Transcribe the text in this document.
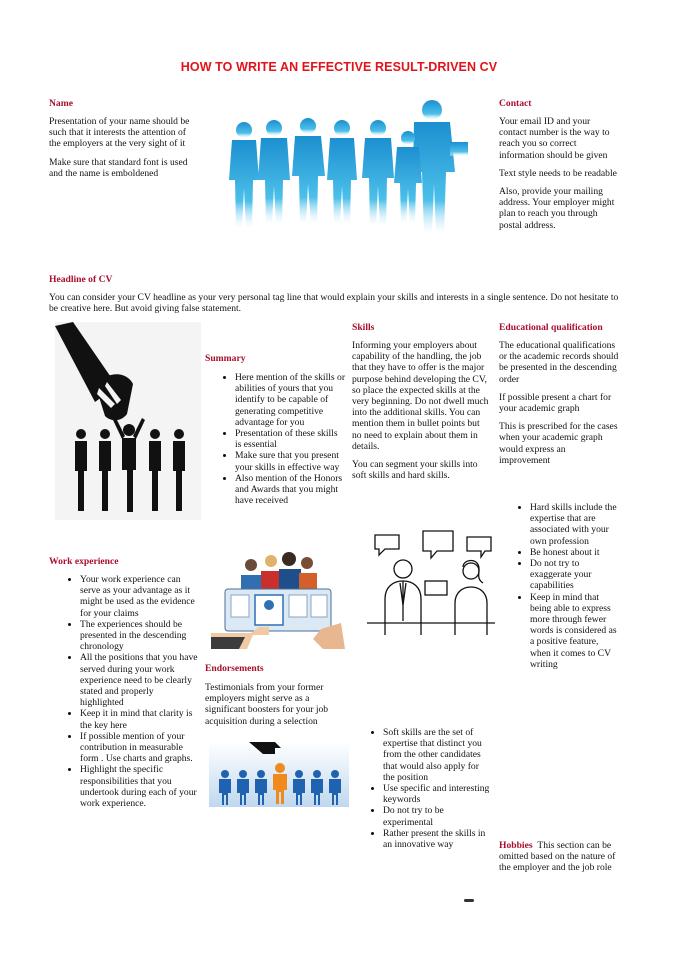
HOW TO WRITE AN EFFECTIVE RESULT-DRIVEN CV
Name

Presentation of your name should be such that it interests the attention of the employers at the very sight of it

Make sure that standard font is used and the name is emboldened

Contact

Your email ID and your contact number is the way to reach you so correct information should be given

Text style needs to be readable

Also, provide your mailing address. Your employer might plan to reach you through postal address.

Headline of CV
You can consider your CV headline as your very personal tag line that would explain your skills and interests in a single sentence. Do not hesitate to be creative here. But avoid giving false statement.
Skills

Informing your employers about capability of the handling, the job that they have to offer is the major purpose behind developing the CV, so place the expected skills at the very beginning. Do not dwell much into the additional skills. You can mention them in bullet points but no need to explain about them in details.

You can segment your skills into soft skills and hard skills.

Educational qualification

The educational qualifications or the academic records should be presented in the descending order

If possible present a chart for your academic graph

This is prescribed for the cases when your academic graph would express an improvement

Summary
• Here mention of the skills or abilities of yours that you identify to be capable of generating competitive advantage for you
• Presentation of these skills is essential
• Make sure that you present your skills in effective way
• Also mention of the Honors and Awards that you might have received
• Hard skills include the expertise that are associated with your own profession
• Be honest about it
• Do not try to exaggerate your capabilities
• Keep in mind that being able to express more through fewer words is considered as a positive feature, when it comes to CV writing
Work experience
• Your work experience can serve as your advantage as it might be used as the evidence for your claims
• The experiences should be presented in the descending chronology
• All the positions that you have served during your work experience need to be clearly stated and properly highlighted
• Keep it in mind that clarity is the key here
• If possible mention of your contribution in measurable form . Use charts and graphs.
• Highlight the specific responsibilities that you undertook during each of your work experience.
Endorsements
Testimonials from your former employers might serve as a significant boosters for your job acquisition during a selection
• Soft skills are the set of expertise that distinct you from the other candidates that would also apply for the position
• Use specific and interesting keywords
• Do not try to be experimental
• Rather present the skills in an innovative way	Hobbies This section can be omitted based on the nature of the employer and the job role
